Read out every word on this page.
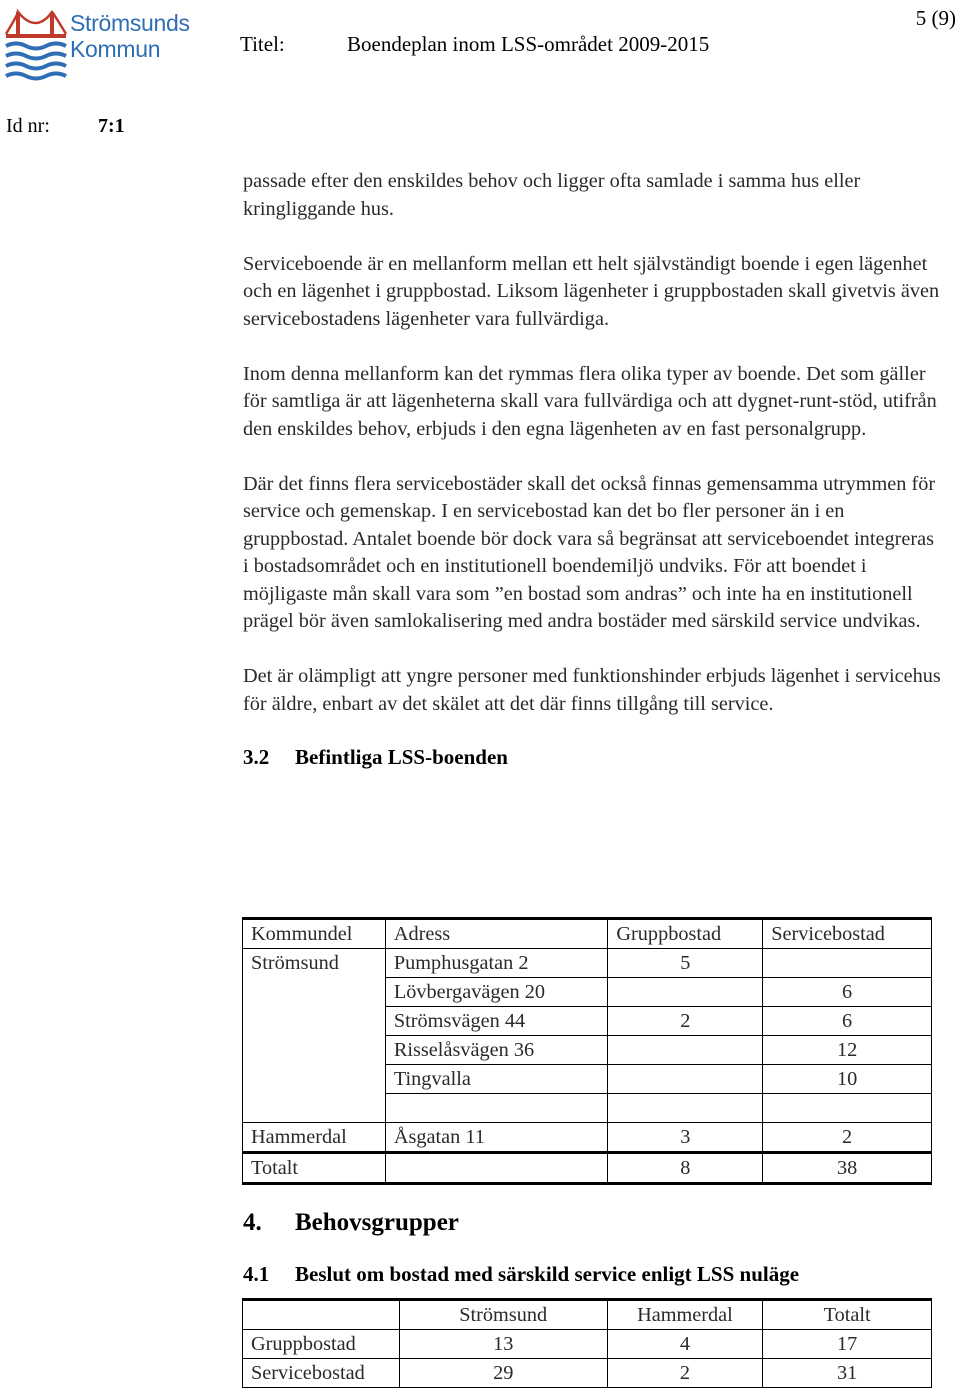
Strömsunds
Kommun
5 (9)
Titel:	Boendeplan inom LSS-området 2009-2015
Id nr: 7:1

passade efter den enskildes behov och ligger ofta samlade i samma hus eller kringliggande hus.

Serviceboende är en mellanform mellan ett helt självständigt boende i egen lägenhet och en lägenhet i gruppbostad. Liksom lägenheter i gruppbostaden skall givetvis även servicebostadens lägenheter vara fullvärdiga.

Inom denna mellanform kan det rymmas flera olika typer av boende. Det som gäller för samtliga är att lägenheterna skall vara fullvärdiga och att dygnet-runt-stöd, utifrån den enskildes behov, erbjuds i den egna lägenheten av en fast personalgrupp.

Där det finns flera servicebostäder skall det också finnas gemensamma utrymmen för service och gemenskap. I en servicebostad kan det bo fler personer än i en gruppbostad. Antalet boende bör dock vara så begränsat att serviceboendet integreras i bostadsområdet och en institutionell boendemiljö undviks. För att boendet i möjligaste mån skall vara som ”en bostad som andras” och inte ha en institutionell prägel bör även samlokalisering med andra bostäder med särskild service undvikas.

Det är olämpligt att yngre personer med funktionshinder erbjuds lägenhet i servicehus för äldre, enbart av det skälet att det där finns tillgång till service.

3.2 Befintliga LSS-boenden
Kommundel	Adress	Gruppbostad	Servicebostad
Strömsund	Pumphusgatan 2	5	
	Lövbergavägen 20		6
	Strömsvägen 44	2	6
	Risselåsvägen 36		12
	Tingvalla		10

Hammerdal	Åsgatan 11	3	2
Totalt		8	38
4. Behovsgrupper
4.1 Beslut om bostad med särskild service enligt LSS nuläge
	Strömsund	Hammerdal	Totalt
Gruppbostad	13	4	17
Servicebostad	29	2	31
